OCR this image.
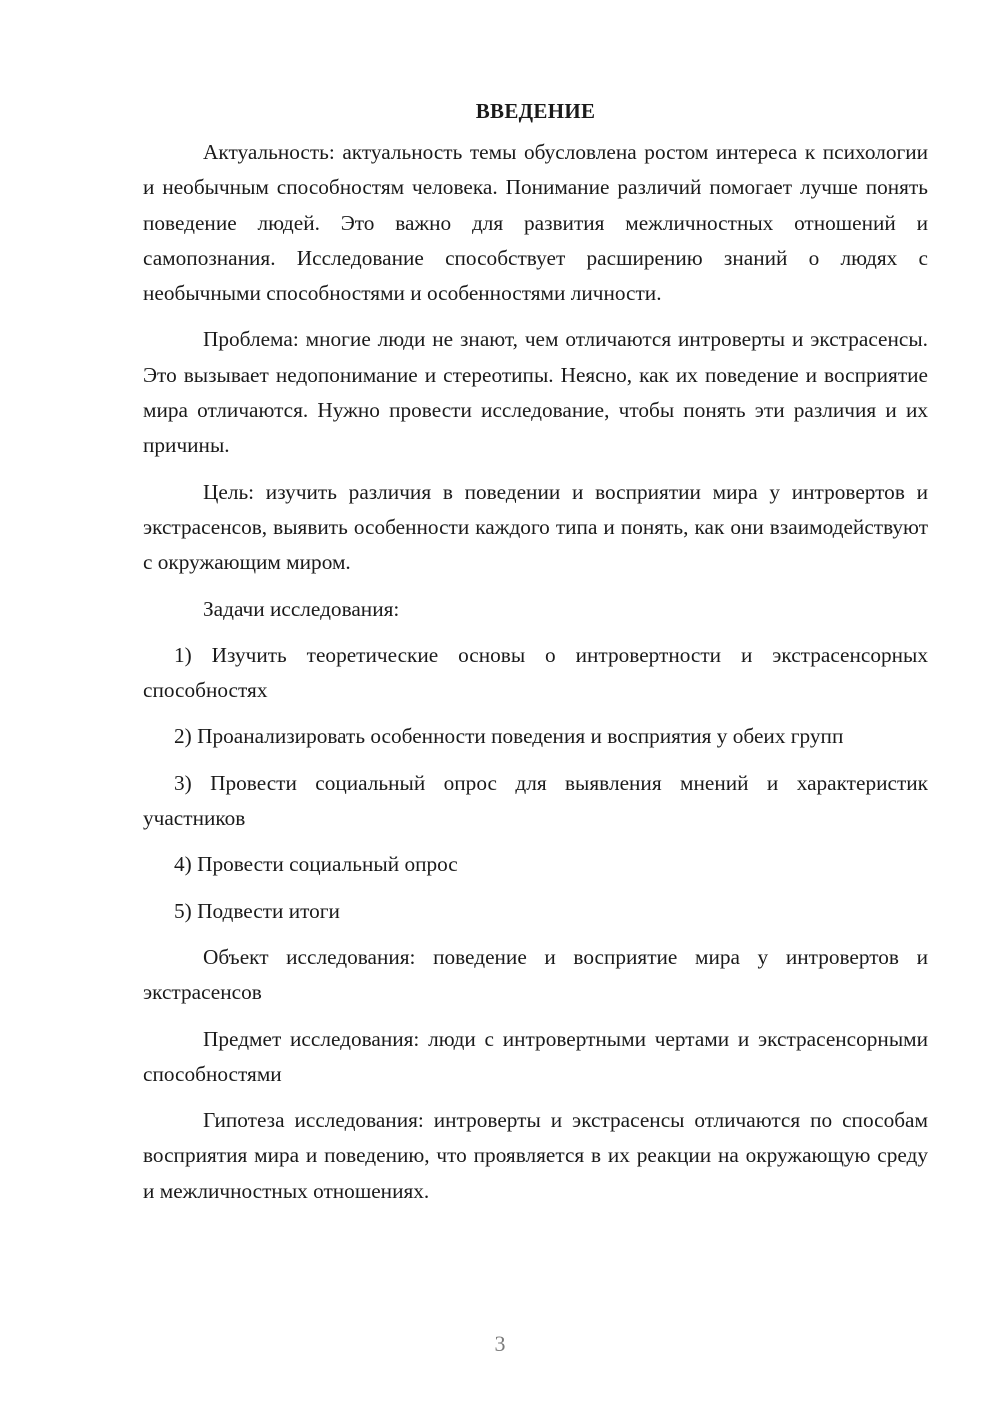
ВВЕДЕНИЕ

Актуальность: актуальность темы обусловлена ростом интереса к психологии и необычным способностям человека. Понимание различий помогает лучше понять поведение людей. Это важно для развития межличностных отношений и самопознания. Исследование способствует расширению знаний о людях с необычными способностями и особенностями личности.

Проблема: многие люди не знают, чем отличаются интроверты и экстрасенсы. Это вызывает недопонимание и стереотипы. Неясно, как их поведение и восприятие мира отличаются. Нужно провести исследование, чтобы понять эти различия и их причины.

Цель: изучить различия в поведении и восприятии мира у интровертов и экстрасенсов, выявить особенности каждого типа и понять, как они взаимодействуют с окружающим миром.

Задачи исследования:

1) Изучить теоретические основы о интровертности и экстрасенсорных способностях

2) Проанализировать особенности поведения и восприятия у обеих групп

3) Провести социальный опрос для выявления мнений и характеристик участников

4) Провести социальный опрос

5) Подвести итоги

Объект исследования: поведение и восприятие мира у интровертов и экстрасенсов

Предмет исследования: люди с интровертными чертами и экстрасенсорными способностями

Гипотеза исследования: интроверты и экстрасенсы отличаются по способам восприятия мира и поведению, что проявляется в их реакции на окружающую среду и межличностных отношениях.

3
